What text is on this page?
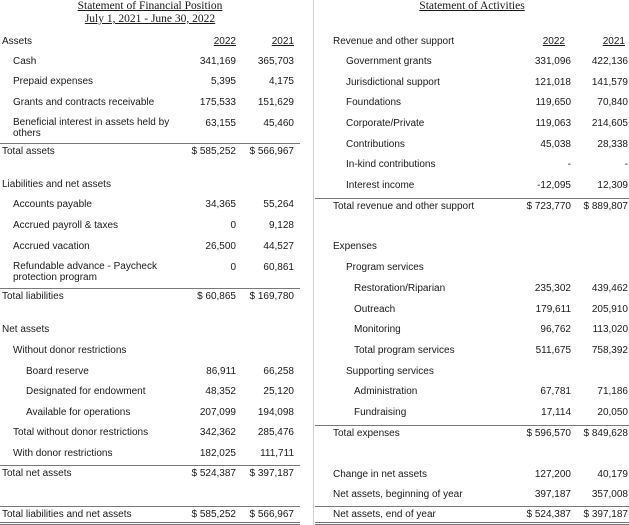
Statement of Financial Position
July 1, 2021 - June 30, 2022
Assets	2022	2021
Cash	341,169 365,703
Prepaid expenses	5,395	4,175
Grants and contracts receivable	175,533 151,629
Beneficial interest in assets held by others
63,155	45,460
Total assets	$ 585,252 $ 566,967
Liabilities and net assets
Accounts payable	34,365	55,264
Accrued payroll & taxes	0	9,128
Accrued vacation	26,500	44,527
Refundable advance - Paycheck protection program
0	60,861
Total liabilities	$ 60,865 $ 169,780
Net assets
Without donor restrictions
Board reserve	86,911	66,258
Designated for endowment	48,352	25,120
Available for operations	207,099 194,098
Total without donor restrictions	342,362 285,476
With donor restrictions	182,025 111,711
Total net assets	$ 524,387 $ 397,187
Total liabilities and net assets	$ 585,252 $ 566,967
Statement of Activities
Revenue and other support	2022	2021
Government grants	331,096 422,136
Jurisdictional support	121,018 141,579
Foundations	119,650	70,840
Corporate/Private	119,063 214,605
Contributions	45,038	28,338
In-kind contributions	-	-
Interest income	-12,095	12,309
Total revenue and other support	$ 723,770 $ 889,807
Expenses
Program services
Restoration/Riparian	235,302 439,462
Outreach	179,611 205,910
Monitoring	96,762 113,020
Total program services	511,675 758,392
Supporting services
Administration	67,781	71,186
Fundraising	17,114	20,050
Total expenses	$ 596,570 $ 849,628
Change in net assets	127,200	40,179
Net assets, beginning of year	397,187 357,008
Net assets, end of year	$ 524,387 $ 397,187
